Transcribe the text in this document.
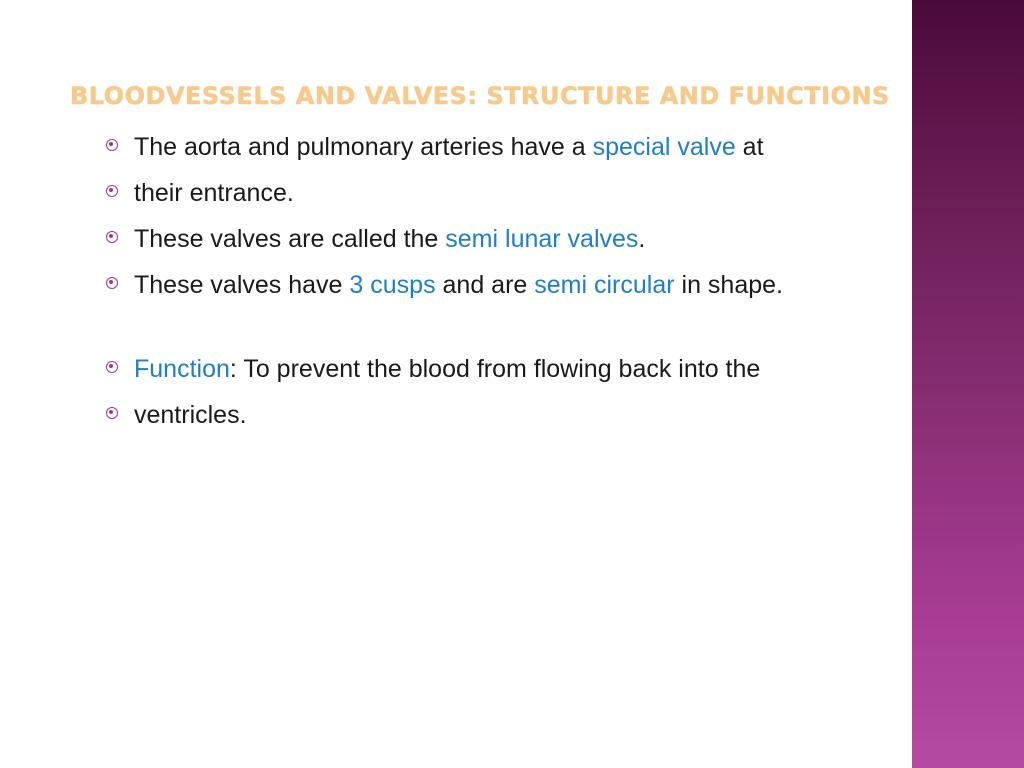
BLOODVESSELS AND VALVES: STRUCTURE AND FUNCTIONS
The aorta and pulmonary arteries have a special valve at
their entrance.
These valves are called the semi lunar valves.
These valves have 3 cusps and are semi circular in shape.
Function: To prevent the blood from flowing back into the
ventricles.
